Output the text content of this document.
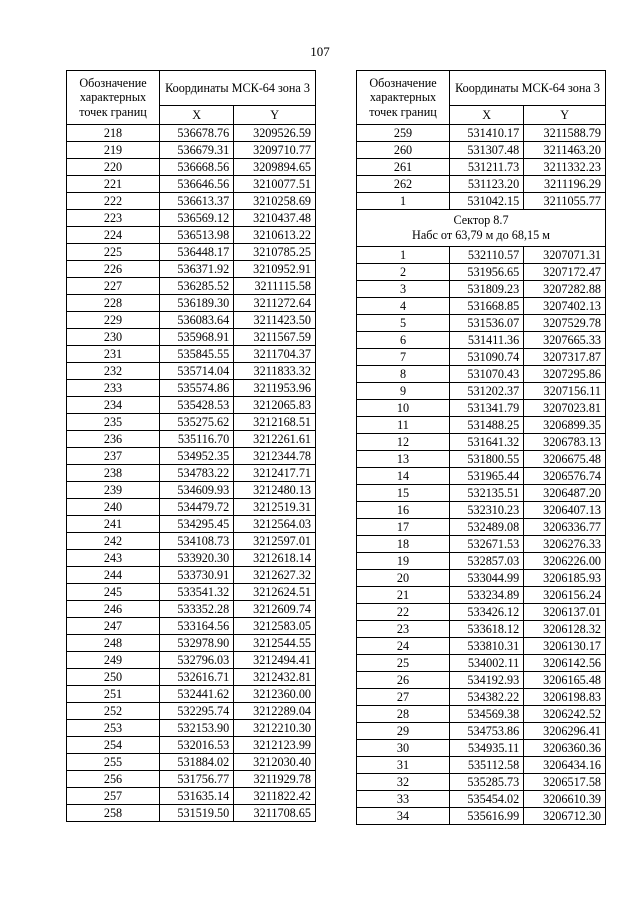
107
Обозначение характерных точек границ	Координаты МСК-64 зона 3	
	X	Y
218	536678.76	3209526.59
219	536679.31	3209710.77
220	536668.56	3209894.65
221	536646.56	3210077.51
222	536613.37	3210258.69
223	536569.12	3210437.48
224	536513.98	3210613.22
225	536448.17	3210785.25
226	536371.92	3210952.91
227	536285.52	3211115.58
228	536189.30	3211272.64
229	536083.64	3211423.50
230	535968.91	3211567.59
231	535845.55	3211704.37
232	535714.04	3211833.32
233	535574.86	3211953.96
234	535428.53	3212065.83
235	535275.62	3212168.51
236	535116.70	3212261.61
237	534952.35	3212344.78
238	534783.22	3212417.71
239	534609.93	3212480.13
240	534479.72	3212519.31
241	534295.45	3212564.03
242	534108.73	3212597.01
243	533920.30	3212618.14
244	533730.91	3212627.32
245	533541.32	3212624.51
246	533352.28	3212609.74
247	533164.56	3212583.05
248	532978.90	3212544.55
249	532796.03	3212494.41
250	532616.71	3212432.81
251	532441.62	3212360.00
252	532295.74	3212289.04
253	532153.90	3212210.30
254	532016.53	3212123.99
255	531884.02	3212030.40
256	531756.77	3211929.78
257	531635.14	3211822.42
258	531519.50	3211708.65
Обозначение характерных точек границ	Координаты МСК-64 зона 3	
	X	Y
259	531410.17	3211588.79
260	531307.48	3211463.20
261	531211.73	3211332.23
262	531123.20	3211196.29
1	531042.15	3211055.77

Сектор 8.7
Набс от 63,79 м до 68,15 м		

1	532110.57	3207071.31
2	531956.65	3207172.47
3	531809.23	3207282.88
4	531668.85	3207402.13
5	531536.07	3207529.78
6	531411.36	3207665.33
7	531090.74	3207317.87
8	531070.43	3207295.86
9	531202.37	3207156.11
10	531341.79	3207023.81
11	531488.25	3206899.35
12	531641.32	3206783.13
13	531800.55	3206675.48
14	531965.44	3206576.74
15	532135.51	3206487.20
16	532310.23	3206407.13
17	532489.08	3206336.77
18	532671.53	3206276.33
19	532857.03	3206226.00
20	533044.99	3206185.93
21	533234.89	3206156.24
22	533426.12	3206137.01
23	533618.12	3206128.32
24	533810.31	3206130.17
25	534002.11	3206142.56
26	534192.93	3206165.48
27	534382.22	3206198.83
28	534569.38	3206242.52
29	534753.86	3206296.41
30	534935.11	3206360.36
31	535112.58	3206434.16
32	535285.73	3206517.58
33	535454.02	3206610.39
34	535616.99	3206712.30
